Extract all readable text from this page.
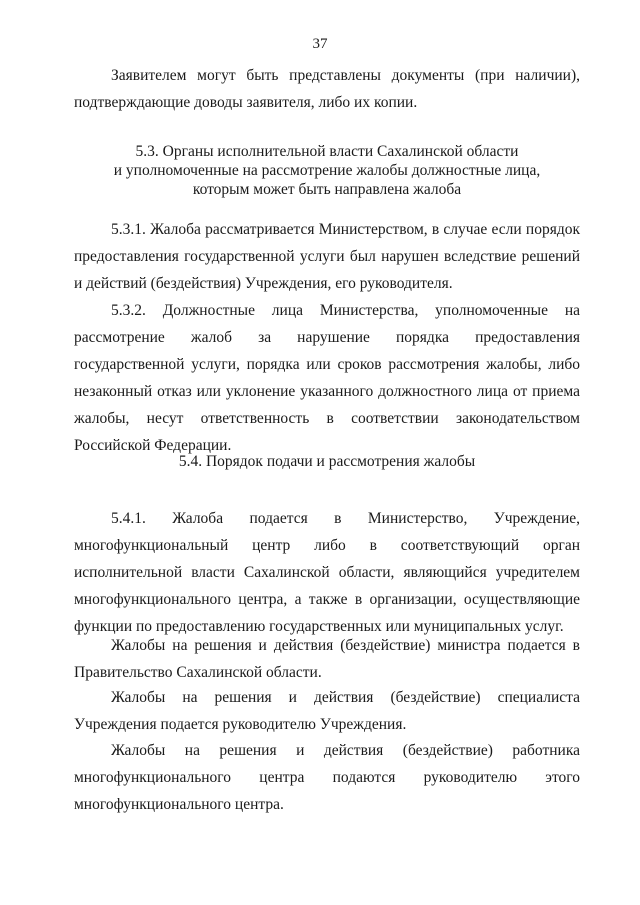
37

Заявителем могут быть представлены документы (при наличии), подтверждающие доводы заявителя, либо их копии.

5.3. Органы исполнительной власти Сахалинской области
и уполномоченные на рассмотрение жалобы должностные лица,
которым может быть направлена жалоба

5.3.1. Жалоба рассматривается Министерством, в случае если порядок предоставления государственной услуги был нарушен вследствие решений и действий (бездействия) Учреждения, его руководителя.

5.3.2. Должностные лица Министерства, уполномоченные на рассмотрение жалоб за нарушение порядка предоставления государственной услуги, порядка или сроков рассмотрения жалобы, либо незаконный отказ или уклонение указанного должностного лица от приема жалобы, несут ответственность в соответствии законодательством Российской Федерации.

5.4. Порядок подачи и рассмотрения жалобы

5.4.1. Жалоба подается в Министерство, Учреждение, многофункциональный центр либо в соответствующий орган исполнительной власти Сахалинской области, являющийся учредителем многофункционального центра, а также в организации, осуществляющие функции по предоставлению государственных или муниципальных услуг.

Жалобы на решения и действия (бездействие) министра подается в Правительство Сахалинской области.

Жалобы на решения и действия (бездействие) специалиста Учреждения подается руководителю Учреждения.

Жалобы на решения и действия (бездействие) работника многофункционального центра подаются руководителю этого многофункционального центра.
